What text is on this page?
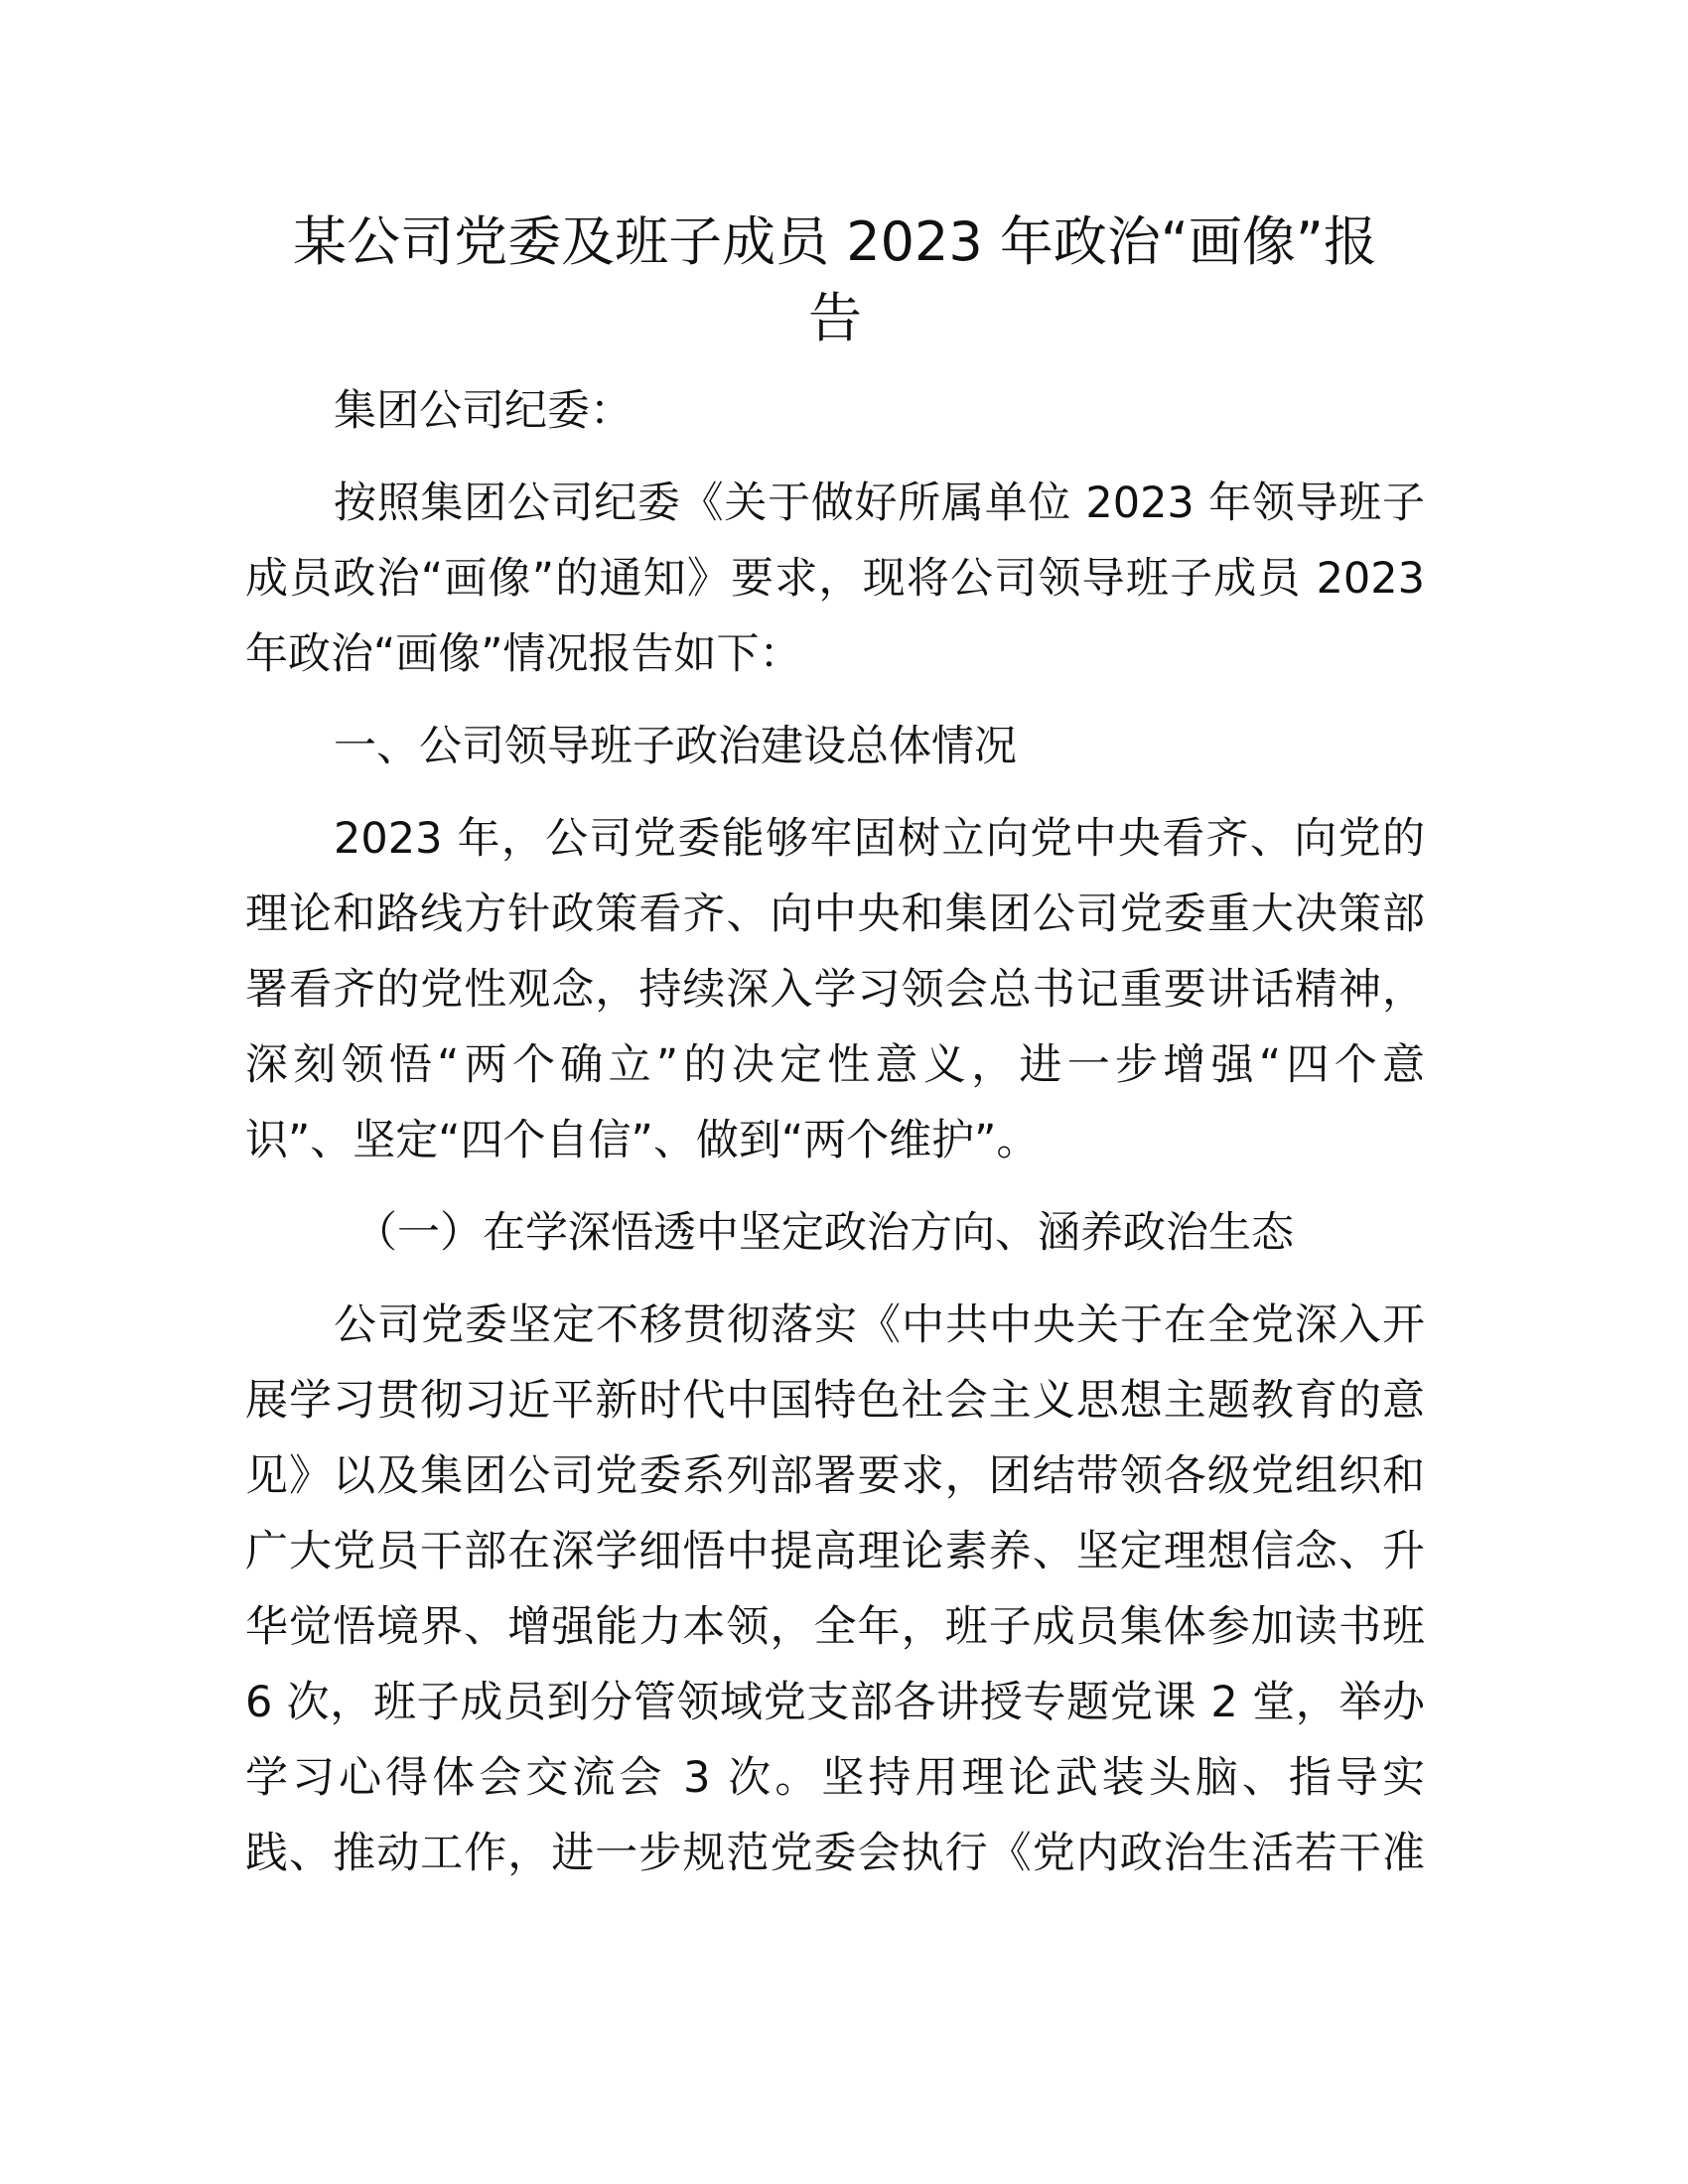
某公司党委及班子成员 2023 年政治“画像”报
告
集团公司纪委：
按照集团公司纪委《关于做好所属单位 2023 年领导班子
成员政治“画像”的通知》要求，现将公司领导班子成员 2023
年政治“画像”情况报告如下：
一、公司领导班子政治建设总体情况
2023 年，公司党委能够牢固树立向党中央看齐、向党的
理论和路线方针政策看齐、向中央和集团公司党委重大决策部
署看齐的党性观念，持续深入学习领会总书记重要讲话精神，
深刻领悟“两个确立”的决定性意义，进一步增强“四个意
识”、坚定“四个自信”、做到“两个维护”。
（一）在学深悟透中坚定政治方向、涵养政治生态
公司党委坚定不移贯彻落实《中共中央关于在全党深入开
展学习贯彻习近平新时代中国特色社会主义思想主题教育的意
见》以及集团公司党委系列部署要求，团结带领各级党组织和
广大党员干部在深学细悟中提高理论素养、坚定理想信念、升
华觉悟境界、增强能力本领，全年，班子成员集体参加读书班
6 次，班子成员到分管领域党支部各讲授专题党课 2 堂，举办
学习心得体会交流会 3 次。坚持用理论武装头脑、指导实
践、推动工作，进一步规范党委会执行《党内政治生活若干准
